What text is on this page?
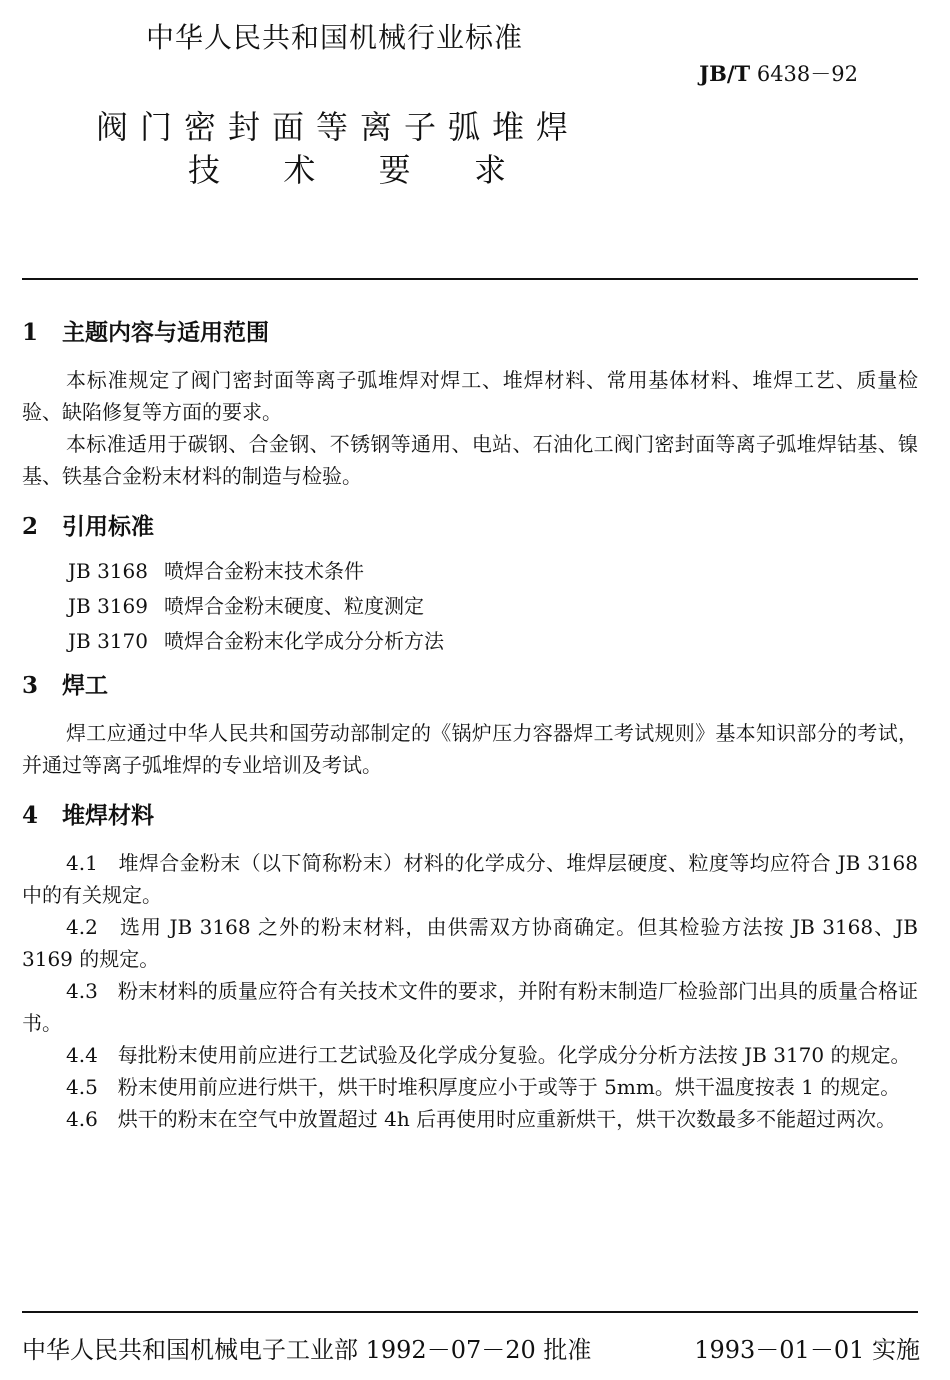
中华人民共和国机械行业标准
JB/T 6438－92
阀门密封面等离子弧堆焊
技 术 要 求
1 主题内容与适用范围

本标准规定了阀门密封面等离子弧堆焊对焊工、堆焊材料、常用基体材料、堆焊工艺、质量检验、缺陷修复等方面的要求。

本标准适用于碳钢、合金钢、不锈钢等通用、电站、石油化工阀门密封面等离子弧堆焊钴基、镍基、铁基合金粉末材料的制造与检验。

2 引用标准
JB 3168 喷焊合金粉末技术条件
JB 3169 喷焊合金粉末硬度、粒度测定
JB 3170 喷焊合金粉末化学成分分析方法
3 焊工

焊工应通过中华人民共和国劳动部制定的《锅炉压力容器焊工考试规则》基本知识部分的考试，并通过等离子弧堆焊的专业培训及考试。

4 堆焊材料

4.1　堆焊合金粉末（以下简称粉末）材料的化学成分、堆焊层硬度、粒度等均应符合 JB 3168　中的有关规定。

4.2　选用 JB 3168 之外的粉末材料，由供需双方协商确定。但其检验方法按 JB 3168、JB 3169 的规定。

4.3　粉末材料的质量应符合有关技术文件的要求，并附有粉末制造厂检验部门出具的质量合格证书。

4.4　每批粉末使用前应进行工艺试验及化学成分复验。化学成分分析方法按 JB 3170 的规定。

4.5　粉末使用前应进行烘干，烘干时堆积厚度应小于或等于 5mm。烘干温度按表 1 的规定。

4.6　烘干的粉末在空气中放置超过 4h 后再使用时应重新烘干，烘干次数最多不能超过两次。

中华人民共和国机械电子工业部 1992－07－20 批准	1993－01－01 实施
